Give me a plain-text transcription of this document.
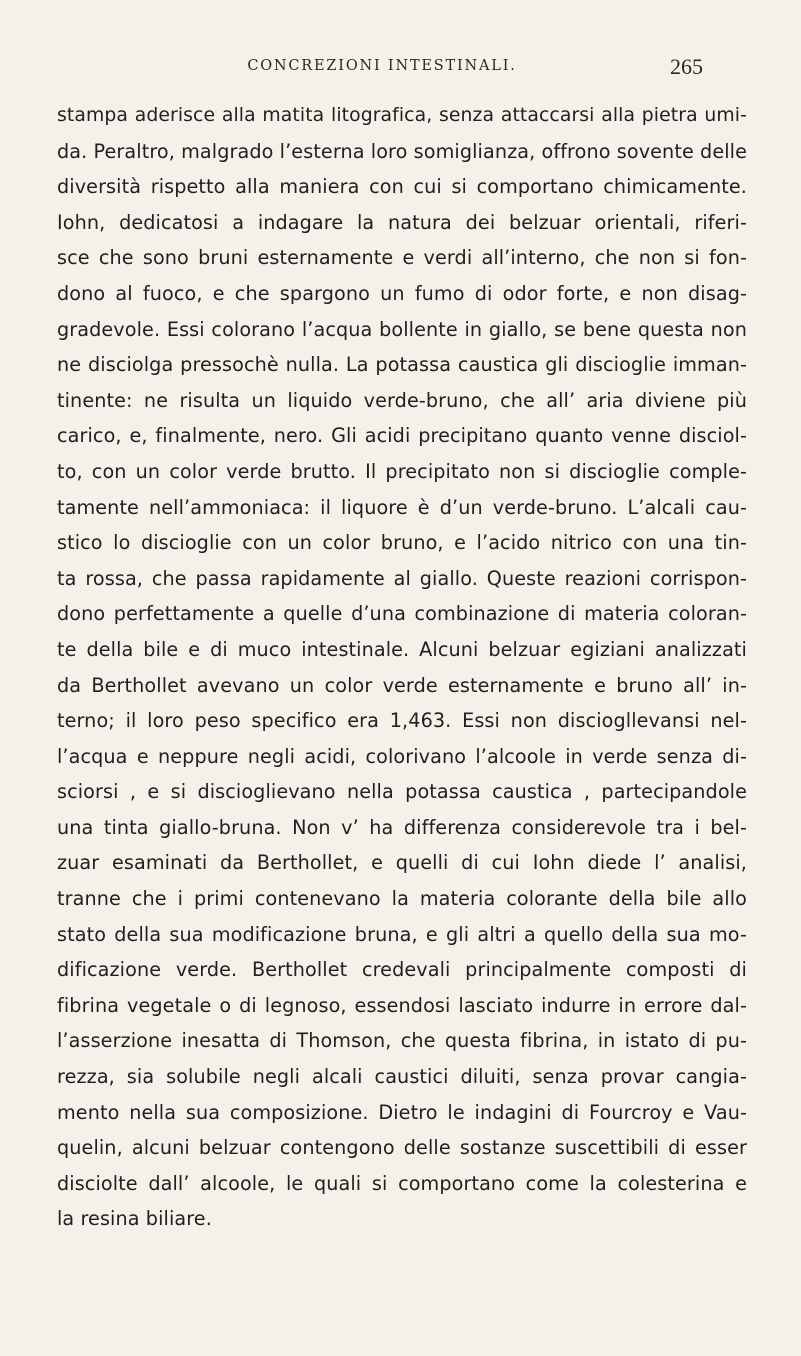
CONCREZIONI INTESTINALI.	265
stampa aderisce alla matita litografica, senza attaccarsi alla pietra umi-
da. Peraltro, malgrado l’esterna loro somiglianza, offrono sovente delle
diversità rispetto alla maniera con cui si comportano chimicamente.
Iohn, dedicatosi a indagare la natura dei belzuar orientali, riferi-
sce che sono bruni esternamente e verdi all’interno, che non si fon-
dono al fuoco, e che spargono un fumo di odor forte, e non disag-
gradevole. Essi colorano l’acqua bollente in giallo, se bene questa non
ne disciolga pressochè nulla. La potassa caustica gli discioglie imman-
tinente: ne risulta un liquido verde-bruno, che all’ aria diviene più
carico, e, finalmente, nero. Gli acidi precipitano quanto venne disciol-
to, con un color verde brutto. Il precipitato non si discioglie comple-
tamente nell’ammoniaca: il liquore è d’un verde-bruno. L’alcali cau-
stico lo discioglie con un color bruno, e l’acido nitrico con una tin-
ta rossa, che passa rapidamente al giallo. Queste reazioni corrispon-
dono perfettamente a quelle d’una combinazione di materia coloran-
te della bile e di muco intestinale. Alcuni belzuar egiziani analizzati
da Berthollet avevano un color verde esternamente e bruno all’ in-
terno; il loro peso specifico era 1,463. Essi non disciogllevansi nel-
l’acqua e neppure negli acidi, colorivano l’alcoole in verde senza di-
sciorsi , e si discioglievano nella potassa caustica , partecipandole
una tinta giallo-bruna. Non v’ ha differenza considerevole tra i bel-
zuar esaminati da Berthollet, e quelli di cui Iohn diede l’ analisi,
tranne che i primi contenevano la materia colorante della bile allo
stato della sua modificazione bruna, e gli altri a quello della sua mo-
dificazione verde. Berthollet credevali principalmente composti di
fibrina vegetale o di legnoso, essendosi lasciato indurre in errore dal-
l’asserzione inesatta di Thomson, che questa fibrina, in istato di pu-
rezza, sia solubile negli alcali caustici diluiti, senza provar cangia-
mento nella sua composizione. Dietro le indagini di Fourcroy e Vau-
quelin, alcuni belzuar contengono delle sostanze suscettibili di esser
disciolte dall’ alcoole, le quali si comportano come la colesterina e
la resina biliare.
